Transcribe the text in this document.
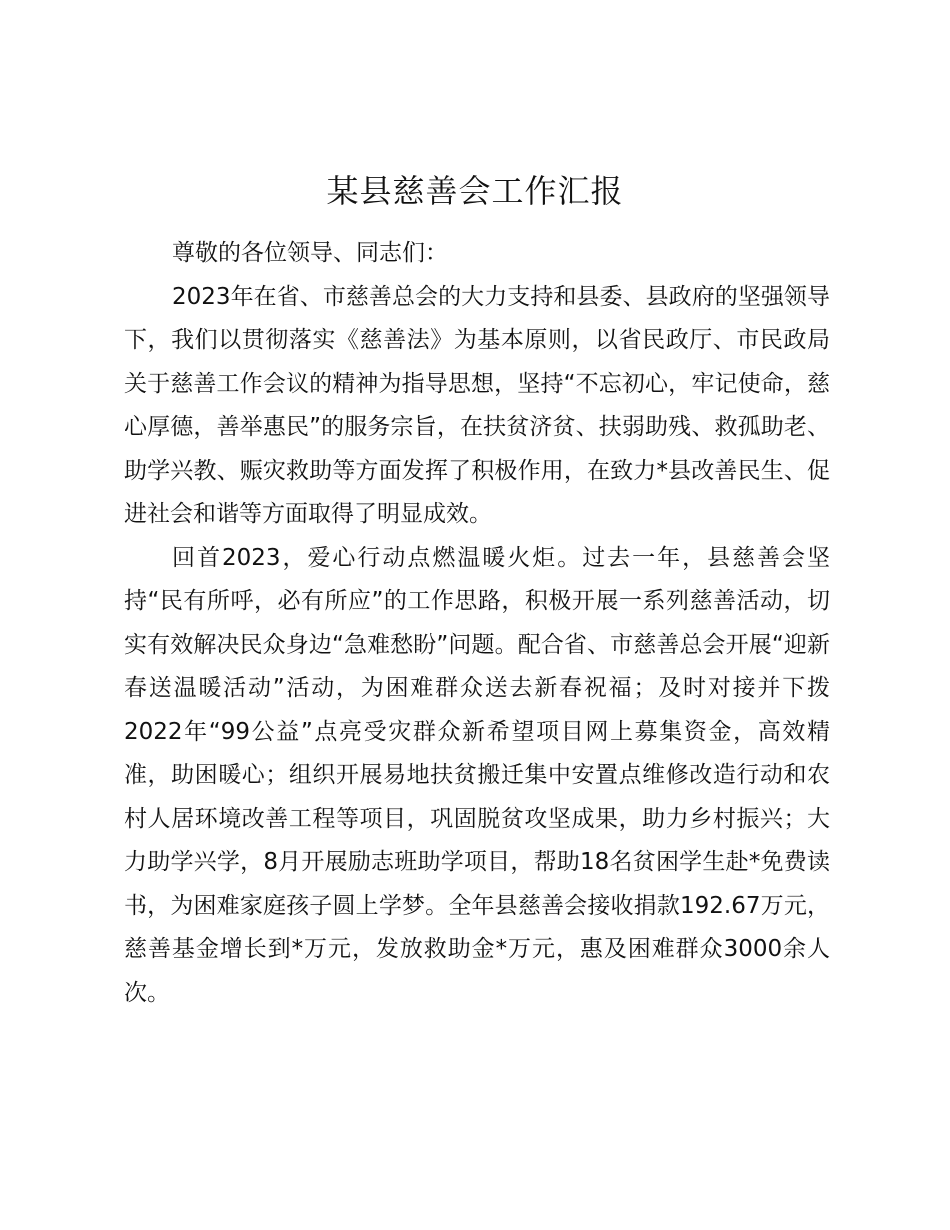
某县慈善会工作汇报

尊敬的各位领导、同志们：

2023年在省、市慈善总会的大力支持和县委、县政府的坚强领导下，我们以贯彻落实《慈善法》为基本原则，以省民政厅、市民政局关于慈善工作会议的精神为指导思想，坚持“不忘初心，牢记使命，慈心厚德，善举惠民”的服务宗旨，在扶贫济贫、扶弱助残、救孤助老、助学兴教、赈灾救助等方面发挥了积极作用，在致力*县改善民生、促进社会和谐等方面取得了明显成效。

回首2023，爱心行动点燃温暖火炬。过去一年，县慈善会坚持“民有所呼，必有所应”的工作思路，积极开展一系列慈善活动，切实有效解决民众身边“急难愁盼”问题。配合省、市慈善总会开展“迎新春送温暖活动”活动，为困难群众送去新春祝福；及时对接并下拨2022年“99公益”点亮受灾群众新希望项目网上募集资金，高效精准，助困暖心；组织开展易地扶贫搬迁集中安置点维修改造行动和农村人居环境改善工程等项目，巩固脱贫攻坚成果，助力乡村振兴；大力助学兴学，8月开展励志班助学项目，帮助18名贫困学生赴*免费读书，为困难家庭孩子圆上学梦。全年县慈善会接收捐款192.67万元，慈善基金增长到*万元，发放救助金*万元，惠及困难群众3000余人次。
